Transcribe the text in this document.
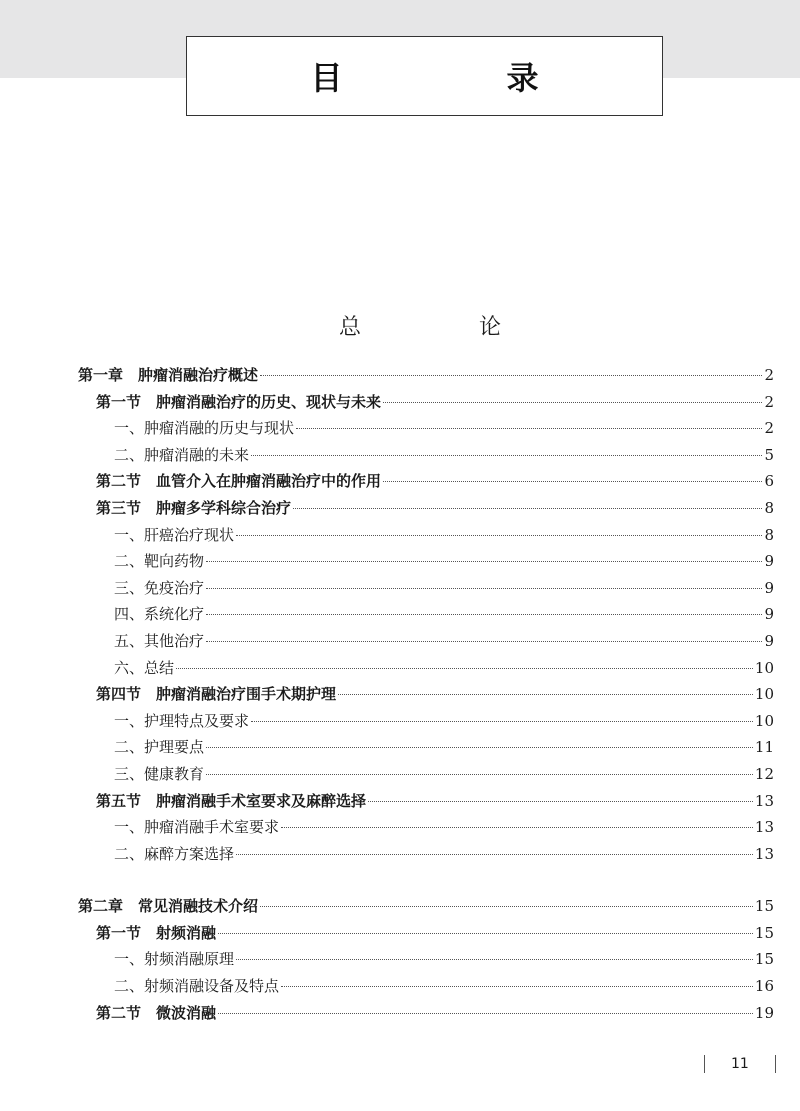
目　录
总　论
第一章　肿瘤消融治疗概述	2
第一节　肿瘤消融治疗的历史、现状与未来	2
一、肿瘤消融的历史与现状	2
二、肿瘤消融的未来	5
第二节　血管介入在肿瘤消融治疗中的作用	6
第三节　肿瘤多学科综合治疗	8
一、肝癌治疗现状	8
二、靶向药物	9
三、免疫治疗	9
四、系统化疗	9
五、其他治疗	9
六、总结	10
第四节　肿瘤消融治疗围手术期护理	10
一、护理特点及要求	10
二、护理要点	11
三、健康教育	12
第五节　肿瘤消融手术室要求及麻醉选择	13
一、肿瘤消融手术室要求	13
二、麻醉方案选择	13
第二章　常见消融技术介绍	15
第一节　射频消融	15
一、射频消融原理	15
二、射频消融设备及特点	16
第二节　微波消融	19
11
